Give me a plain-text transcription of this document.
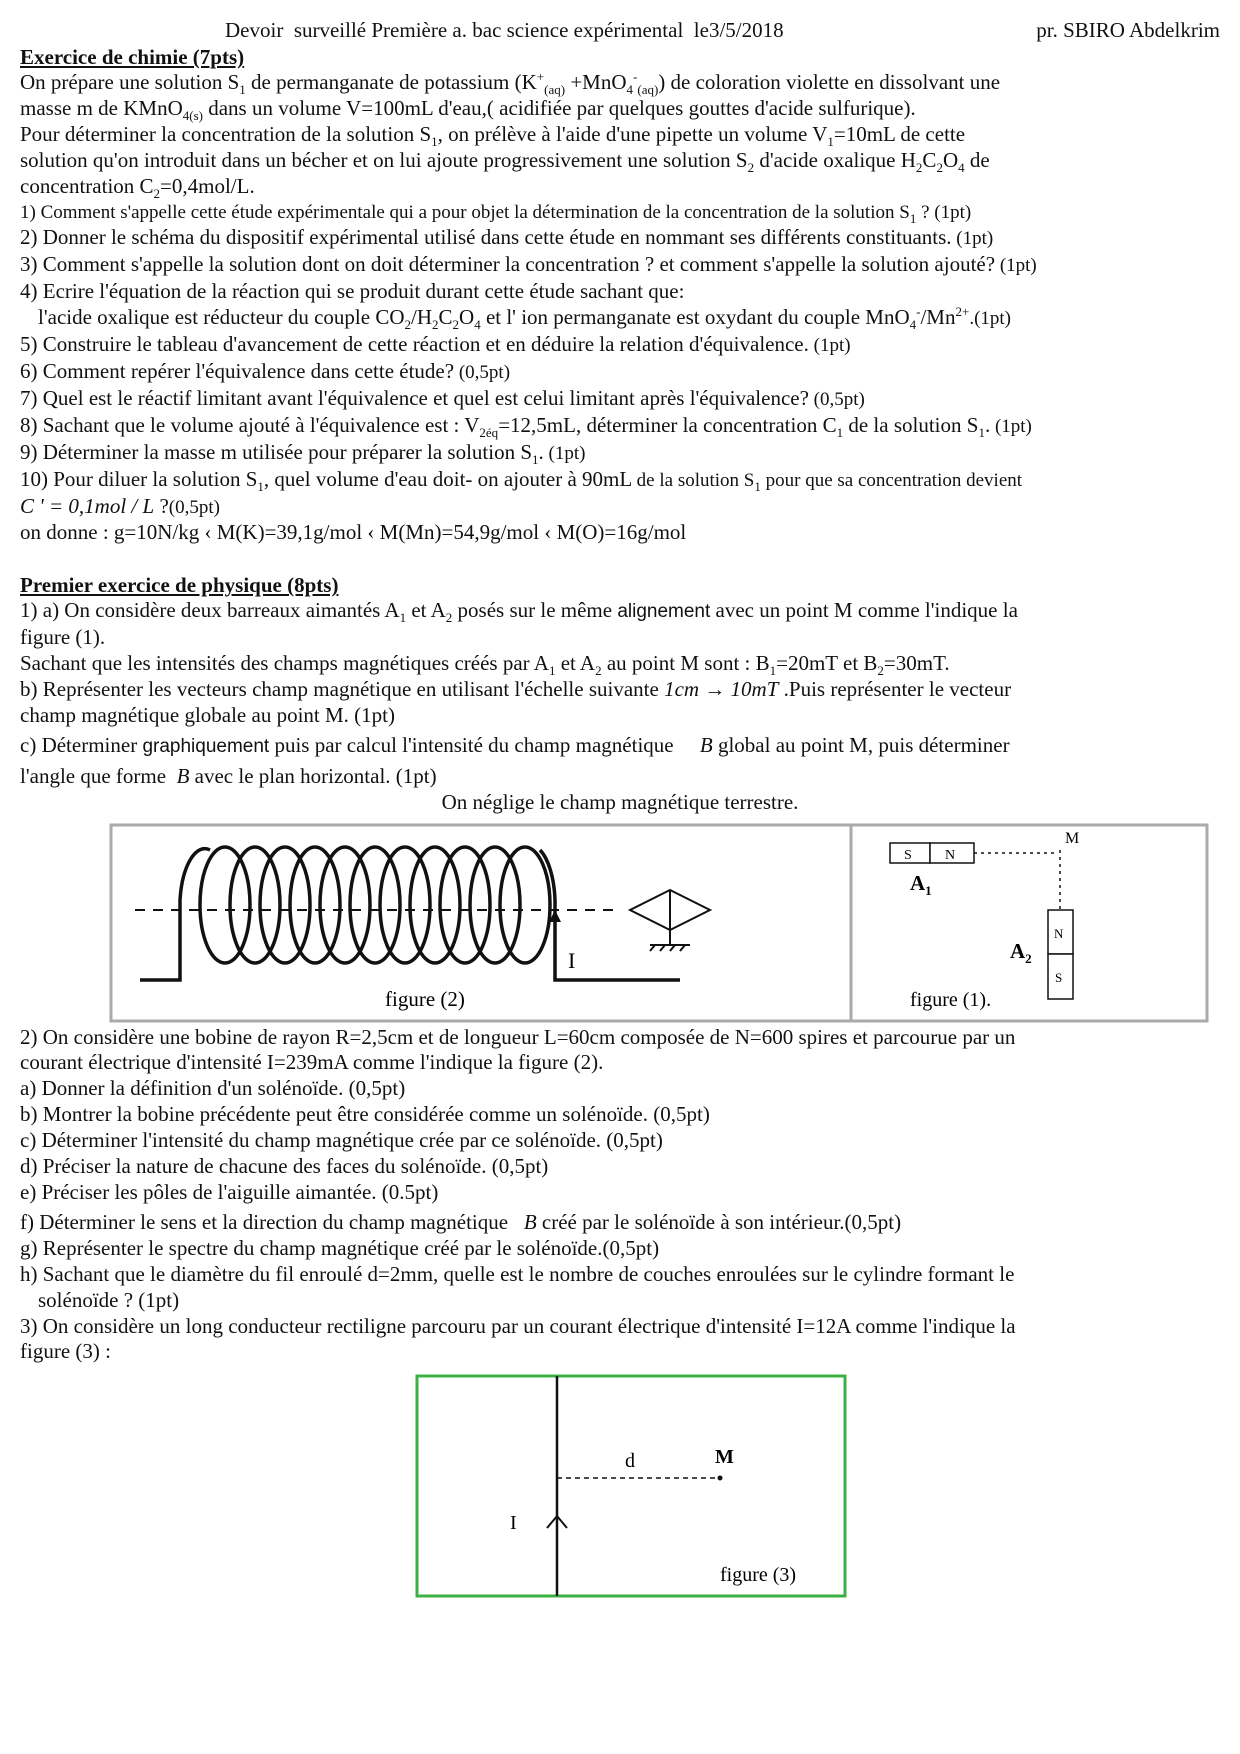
Devoir  surveillé Première a. bac science expérimental  le3/5/2018	pr. SBIRO Abdelkrim

Exercice de chimie (7pts)

On prépare une solution $S_1$ de permanganate de potassium $(K^+_{(aq)} +MnO_4^-_{(aq)})$ de coloration violette en dissolvant une

masse m de KMnO$_{4(s)}$ dans un volume V=100mL d'eau,( acidifiée par quelques gouttes d'acide sulfurique).

Pour déterminer la concentration de la solution $S_1$, on prélève à l'aide d'une pipette un volume $V_1=10mL$ de cette

solution qu'on introduit dans un bécher et on lui ajoute progressivement une solution $S_2$ d'acide oxalique $H_2C_2O_4$ de

concentration $C_2=0,4mol/L$.

1) Comment s'appelle cette étude expérimentale qui a pour objet la détermination de la concentration de la solution $S_1$ ? (1pt)

2) Donner le schéma du dispositif expérimental utilisé dans cette étude en nommant ses différents constituants. (1pt)

3) Comment s'appelle la solution dont on doit déterminer la concentration ? et comment s'appelle la solution ajouté? (1pt)

4) Ecrire l'équation de la réaction qui se produit durant cette étude sachant que:

l'acide oxalique est réducteur du couple $CO_2/H_2C_2O_4$ et l' ion permanganate est oxydant du couple $MnO_4^-/Mn^{2+}.(1pt)$

5) Construire le tableau d'avancement de cette réaction et en déduire la relation d'équivalence. (1pt)

6) Comment repérer l'équivalence dans cette étude? (0,5pt)

7) Quel est le réactif limitant avant l'équivalence et quel est celui limitant après l'équivalence? (0,5pt)

8) Sachant que le volume ajouté à l'équivalence est : $V_{2éq}=12,5mL$, déterminer la concentration $C_1$ de la solution $S_1$. (1pt)

9) Déterminer la masse m utilisée pour préparer la solution $S_1$. (1pt)

10) Pour diluer la solution $S_1$, quel volume d'eau doit- on ajouter à 90mL de la solution $S_1$ pour que sa concentration devient

C ' = 0,1mol / L ?(0,5pt)

on donne : g=10N/kg ‹ M(K)=39,1g/mol ‹ M(Mn)=54,9g/mol ‹ M(O)=16g/mol

Premier exercice de physique (8pts)

1) a) On considère deux barreaux aimantés $A_1$ et $A_2$ posés sur le même alignement avec un point M comme l'indique la

figure (1).

Sachant que les intensités des champs magnétiques créés par $A_1$ et $A_2$ au point M sont : $B_1=20mT$ et $B_2=30mT$.

b) Représenter les vecteurs champ magnétique en utilisant l'échelle suivante 1cm → 10mT .Puis représenter le vecteur

champ magnétique globale au point M. (1pt)

c) Déterminer graphiquement puis par calcul l'intensité du champ magnétique B global au point M, puis déterminer

l'angle que forme  B avec le plan horizontal. (1pt)

On néglige le champ magnétique terrestre.

I
figure (2)
S N
M
$A_1$
N
S
$A_2$
figure (1).

2) On considère une bobine de rayon R=2,5cm et de longueur L=60cm composée de N=600 spires et parcourue par un

courant électrique d'intensité I=239mA comme l'indique la figure (2).

a) Donner la définition d'un solénoïde. (0,5pt)

b) Montrer la bobine précédente peut être considérée comme un solénoïde. (0,5pt)

c) Déterminer l'intensité du champ magnétique crée par ce solénoïde. (0,5pt)

d) Préciser la nature de chacune des faces du solénoïde. (0,5pt)

e) Préciser les pôles de l'aiguille aimantée. (0.5pt)

f) Déterminer le sens et la direction du champ magnétique B créé par le solénoïde à son intérieur.(0,5pt)

g) Représenter le spectre du champ magnétique créé par le solénoïde.(0,5pt)

h) Sachant que le diamètre du fil enroulé d=2mm, quelle est le nombre de couches enroulées sur le cylindre formant le

solénoïde ? (1pt)

3) On considère un long conducteur rectiligne parcouru par un courant électrique d'intensité I=12A comme l'indique la

figure (3) :

d	M
I
figure (3)
